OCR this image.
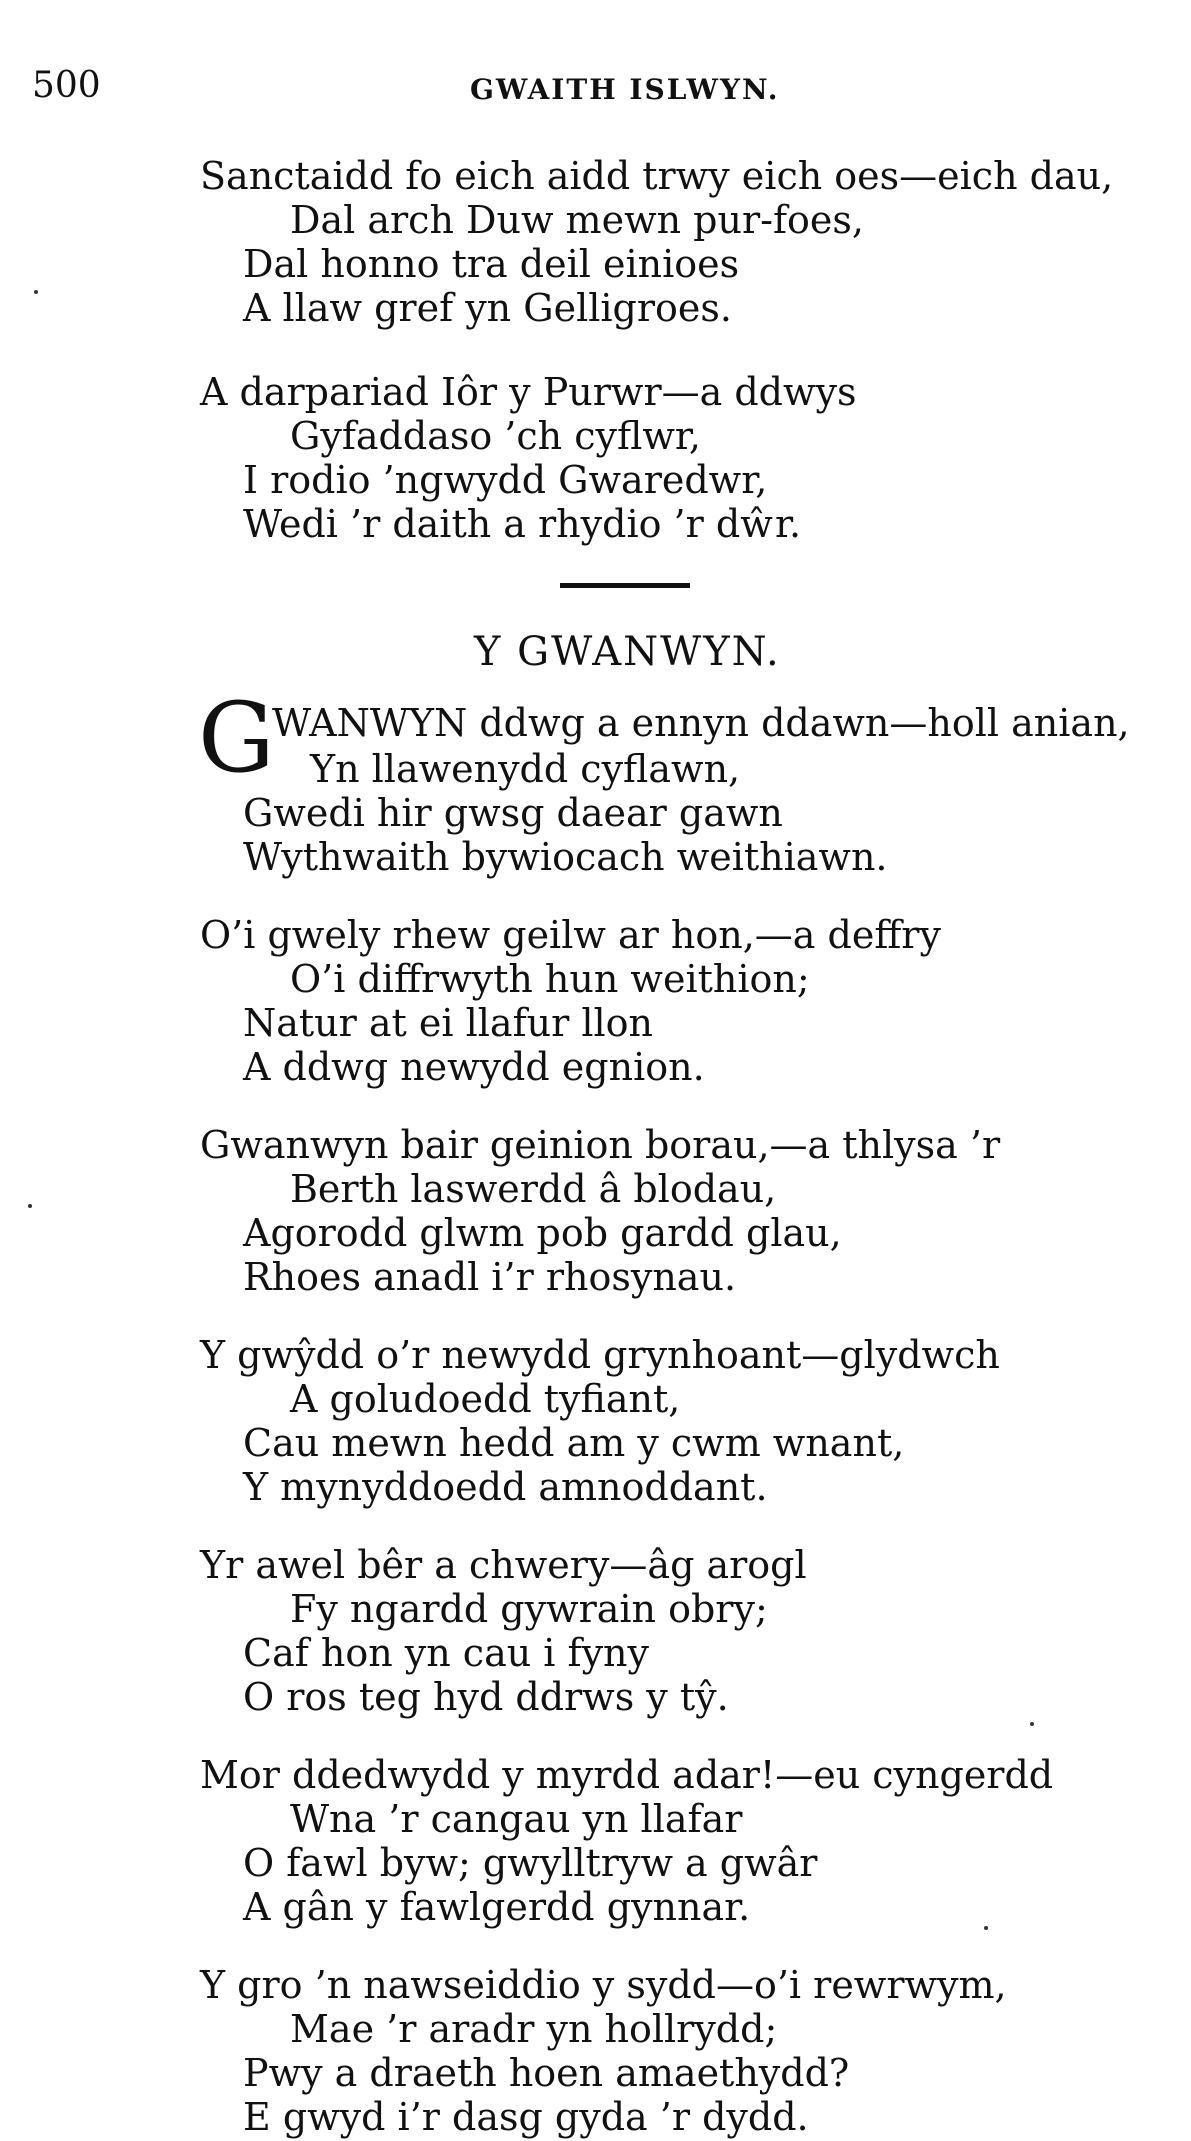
500	GWAITH ISLWYN.
Sanctaidd fo eich aidd trwy eich oes—eich dau,
Dal arch Duw mewn pur-foes,
Dal honno tra deil einioes
A llaw gref yn Gelligroes.
A darpariad Iôr y Purwr—a ddwys
Gyfaddaso ’ch cyflwr,
I rodio ’ngwydd Gwaredwr,
Wedi ’r daith a rhydio ’r dŵr.
Y GWANWYN.
G
WANWYN ddwg a ennyn ddawn—holl anian,
Yn llawenydd cyflawn,
Gwedi hir gwsg daear gawn
Wythwaith bywiocach weithiawn.
O’i gwely rhew geilw ar hon,—a deffry
O’i diffrwyth hun weithion;
Natur at ei llafur llon
A ddwg newydd egnion.
Gwanwyn bair geinion borau,—a thlysa ’r
Berth laswerdd â blodau,
Agorodd glwm pob gardd glau,
Rhoes anadl i’r rhosynau.
Y gwŷdd o’r newydd grynhoant—glydwch
A goludoedd tyfiant,
Cau mewn hedd am y cwm wnant,
Y mynyddoedd amnoddant.
Yr awel bêr a chwery—âg arogl
Fy ngardd gywrain obry;
Caf hon yn cau i fyny
O ros teg hyd ddrws y tŷ.
Mor ddedwydd y myrdd adar!—eu cyngerdd
Wna ’r cangau yn llafar
O fawl byw; gwylltryw a gwâr
A gân y fawlgerdd gynnar.
Y gro ’n nawseiddio y sydd—o’i rewrwym,
Mae ’r aradr yn hollrydd;
Pwy a draeth hoen amaethydd?
E gwyd i’r dasg gyda ’r dydd.
